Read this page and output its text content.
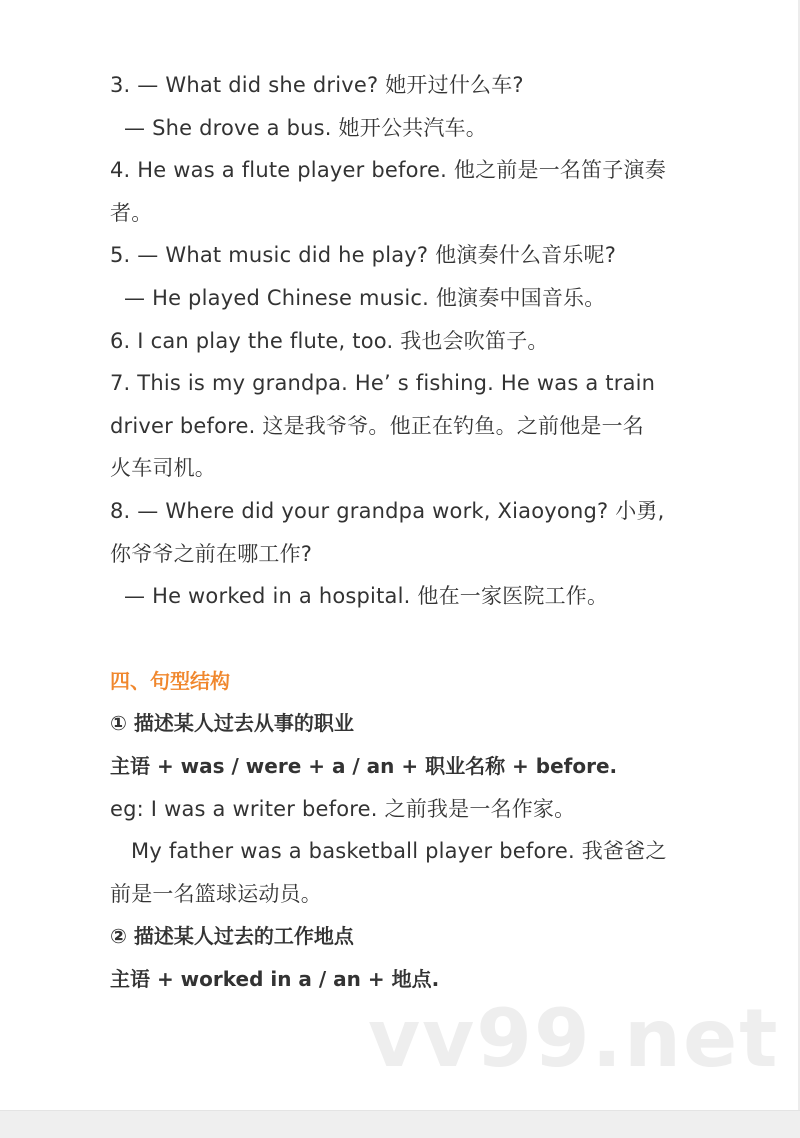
3. — What did she drive? 她开过什么车?
— She drove a bus. 她开公共汽车。
4. He was a flute player before. 他之前是一名笛子演奏
者。
5. — What music did he play? 他演奏什么音乐呢?
— He played Chinese music. 他演奏中国音乐。
6. I can play the flute, too. 我也会吹笛子。
7. This is my grandpa. He’ s fishing. He was a train
driver before. 这是我爷爷。他正在钓鱼。之前他是一名
火车司机。
8. — Where did your grandpa work, Xiaoyong? 小勇,
你爷爷之前在哪工作?
— He worked in a hospital. 他在一家医院工作。
四、句型结构
① 描述某人过去从事的职业
主语 + was / were + a / an + 职业名称 + before.
eg: I was a writer before. 之前我是一名作家。
My father was a basketball player before. 我爸爸之
前是一名篮球运动员。
② 描述某人过去的工作地点
主语 + worked in a / an + 地点.
vv99.net
